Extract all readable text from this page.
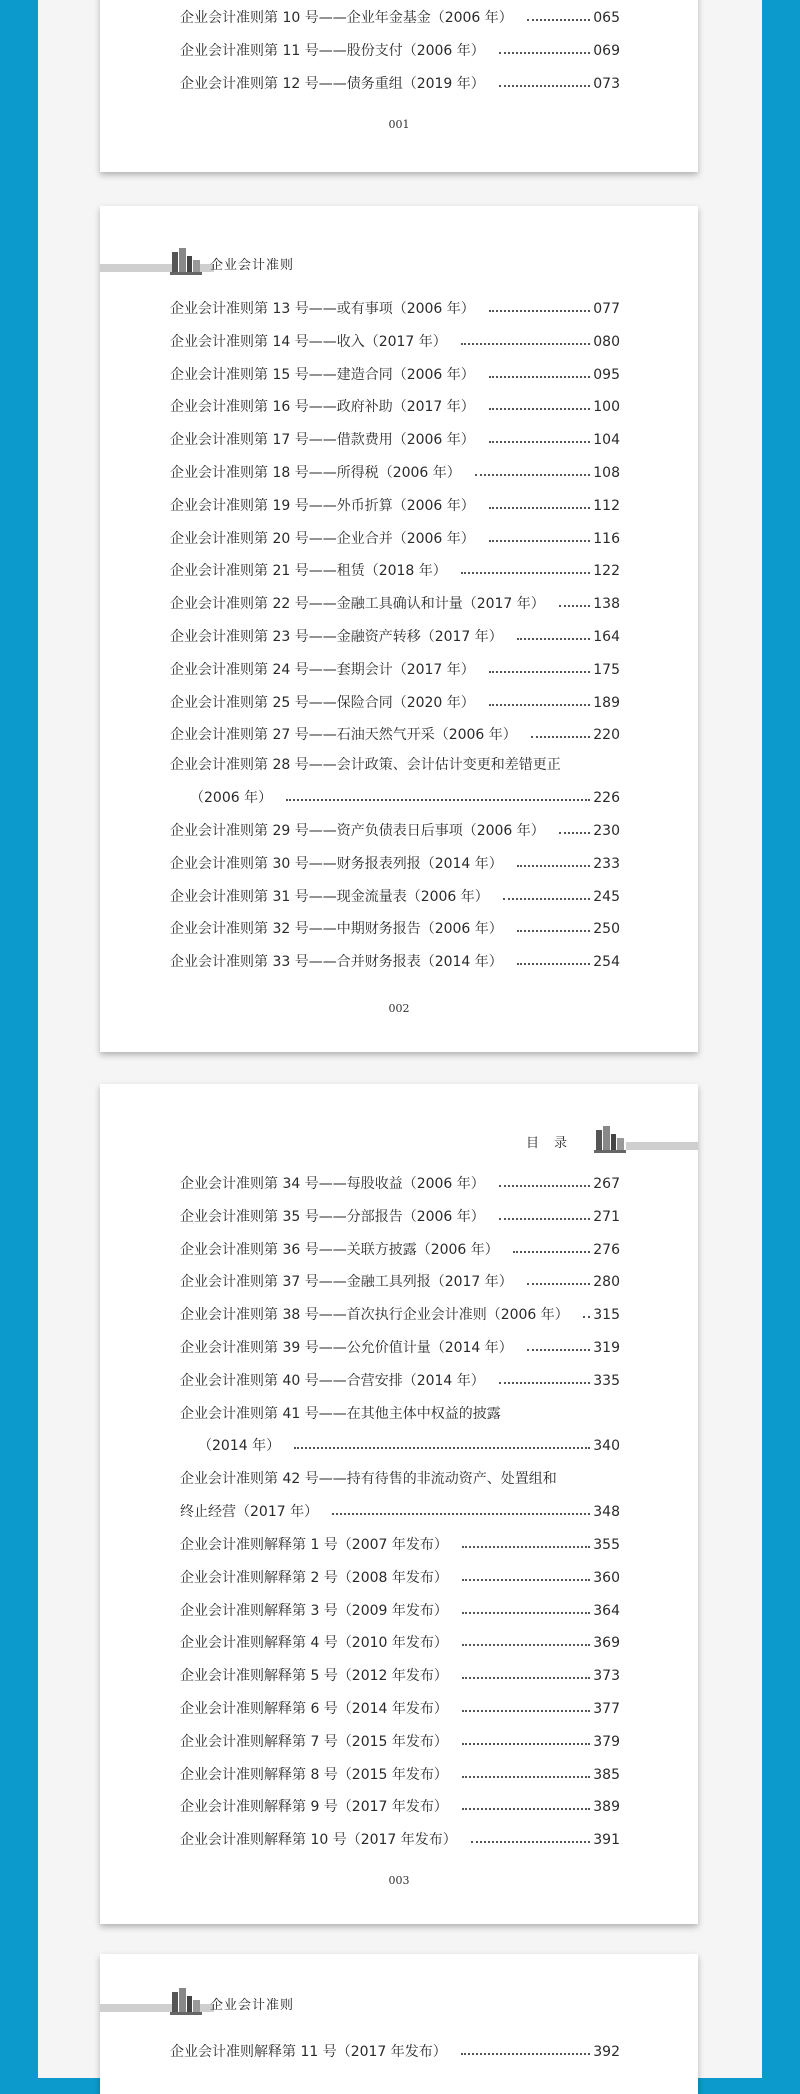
企业会计准则第 10 号——企业年金基金（2006 年）	065
企业会计准则第 11 号——股份支付（2006 年）	069
企业会计准则第 12 号——债务重组（2019 年）	073
001
企业会计准则
企业会计准则第 13 号——或有事项（2006 年）	077
企业会计准则第 14 号——收入（2017 年）	080
企业会计准则第 15 号——建造合同（2006 年）	095
企业会计准则第 16 号——政府补助（2017 年）	100
企业会计准则第 17 号——借款费用（2006 年）	104
企业会计准则第 18 号——所得税（2006 年）	108
企业会计准则第 19 号——外币折算（2006 年）	112
企业会计准则第 20 号——企业合并（2006 年）	116
企业会计准则第 21 号——租赁（2018 年）	122
企业会计准则第 22 号——金融工具确认和计量（2017 年）	138
企业会计准则第 23 号——金融资产转移（2017 年）	164
企业会计准则第 24 号——套期会计（2017 年）	175
企业会计准则第 25 号——保险合同（2020 年）	189
企业会计准则第 27 号——石油天然气开采（2006 年）	220
企业会计准则第 28 号——会计政策、会计估计变更和差错更正
（2006 年）	226
企业会计准则第 29 号——资产负债表日后事项（2006 年）	230
企业会计准则第 30 号——财务报表列报（2014 年）	233
企业会计准则第 31 号——现金流量表（2006 年）	245
企业会计准则第 32 号——中期财务报告（2006 年）	250
企业会计准则第 33 号——合并财务报表（2014 年）	254
002
目　录
企业会计准则第 34 号——每股收益（2006 年）	267
企业会计准则第 35 号——分部报告（2006 年）	271
企业会计准则第 36 号——关联方披露（2006 年）	276
企业会计准则第 37 号——金融工具列报（2017 年）	280
企业会计准则第 38 号——首次执行企业会计准则（2006 年） 315
企业会计准则第 39 号——公允价值计量（2014 年）	319
企业会计准则第 40 号——合营安排（2014 年）	335
企业会计准则第 41 号——在其他主体中权益的披露
（2014 年）	340
企业会计准则第 42 号——持有待售的非流动资产、处置组和
终止经营（2017 年）	348
企业会计准则解释第 1 号（2007 年发布）	355
企业会计准则解释第 2 号（2008 年发布）	360
企业会计准则解释第 3 号（2009 年发布）	364
企业会计准则解释第 4 号（2010 年发布）	369
企业会计准则解释第 5 号（2012 年发布）	373
企业会计准则解释第 6 号（2014 年发布）	377
企业会计准则解释第 7 号（2015 年发布）	379
企业会计准则解释第 8 号（2015 年发布）	385
企业会计准则解释第 9 号（2017 年发布）	389
企业会计准则解释第 10 号（2017 年发布）	391
003
企业会计准则
企业会计准则解释第 11 号（2017 年发布）	392
